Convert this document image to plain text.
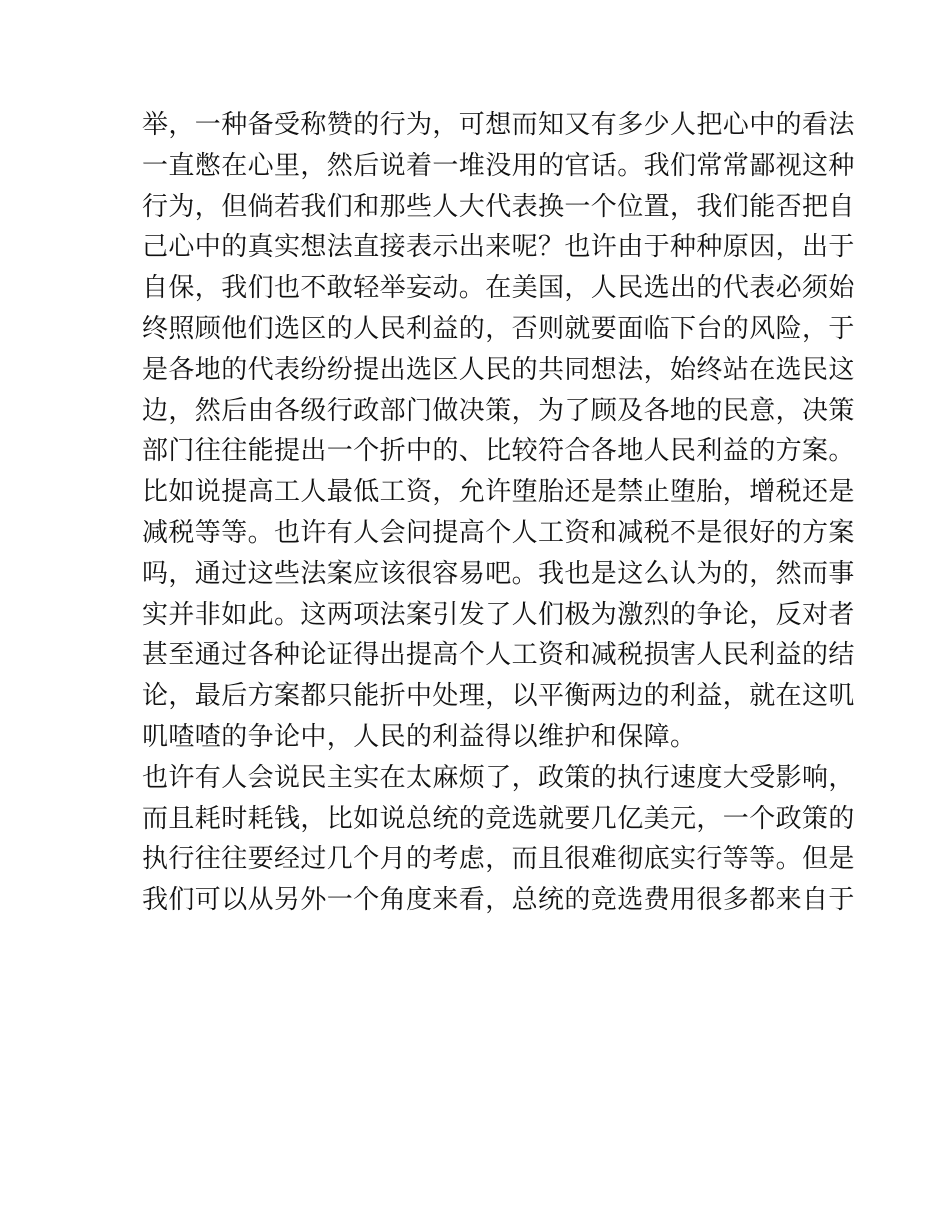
举，一种备受称赞的行为，可想而知又有多少人把心中的看法
一直憋在心里，然后说着一堆没用的官话。我们常常鄙视这种
行为，但倘若我们和那些人大代表换一个位置，我们能否把自
己心中的真实想法直接表示出来呢？也许由于种种原因，出于
自保，我们也不敢轻举妄动。在美国，人民选出的代表必须始
终照顾他们选区的人民利益的，否则就要面临下台的风险，于
是各地的代表纷纷提出选区人民的共同想法，始终站在选民这
边，然后由各级行政部门做决策，为了顾及各地的民意，决策
部门往往能提出一个折中的、比较符合各地人民利益的方案。
比如说提高工人最低工资，允许堕胎还是禁止堕胎，增税还是
减税等等。也许有人会问提高个人工资和减税不是很好的方案
吗，通过这些法案应该很容易吧。我也是这么认为的，然而事
实并非如此。这两项法案引发了人们极为激烈的争论，反对者
甚至通过各种论证得出提高个人工资和减税损害人民利益的结
论，最后方案都只能折中处理，以平衡两边的利益，就在这叽
叽喳喳的争论中，人民的利益得以维护和保障。
也许有人会说民主实在太麻烦了，政策的执行速度大受影响，
而且耗时耗钱，比如说总统的竞选就要几亿美元，一个政策的
执行往往要经过几个月的考虑，而且很难彻底实行等等。但是
我们可以从另外一个角度来看，总统的竞选费用很多都来自于
